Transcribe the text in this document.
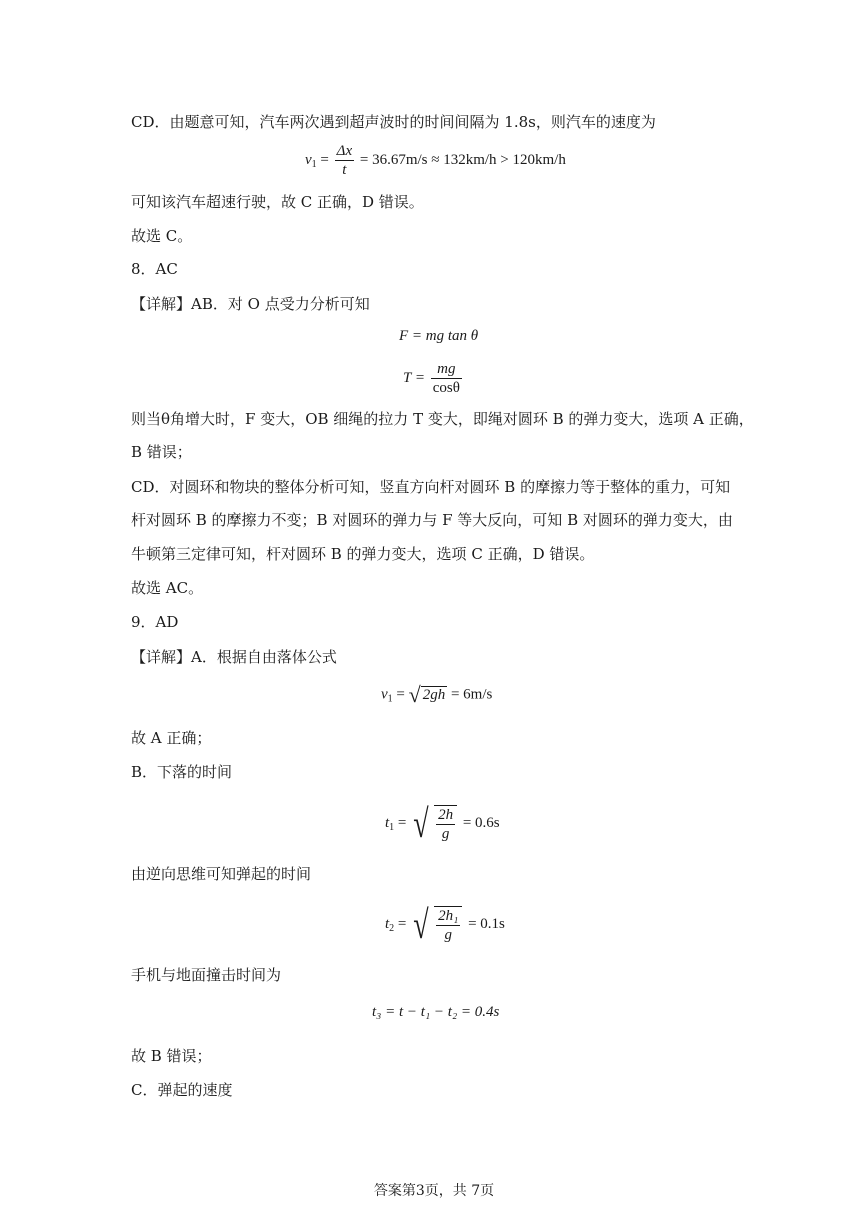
CD．由题意可知，汽车两次遇到超声波时的时间间隔为 1.8s，则汽车的速度为
$v_1 = \frac{\Delta x}{t} = 36.67m/s \approx 132km/h > 120km/h$
可知该汽车超速行驶，故 C 正确，D 错误。
故选 C。
8．AC
【详解】AB．对 O 点受力分析可知
F = mg tan θ
$T = \frac{mg}{\cos\theta}$
则当θ角增大时，F 变大，OB 细绳的拉力 T 变大，即绳对圆环 B 的弹力变大，选项 A 正确，
B 错误；
CD．对圆环和物块的整体分析可知，竖直方向杆对圆环 B 的摩擦力等于整体的重力，可知
杆对圆环 B 的摩擦力不变；B 对圆环的弹力与 F 等大反向，可知 B 对圆环的弹力变大，由
牛顿第三定律可知，杆对圆环 B 的弹力变大，选项 C 正确，D 错误。
故选 AC。
9．AD
【详解】A．根据自由落体公式
$v_1$ = √ 2gh = 6m/s
故 A 正确；
B．下落的时间
$t_1$ = √ $\frac{2h}{g} = 0.6s$
由逆向思维可知弹起的时间
$t_2$ = √ $\frac{\text{2h₁}}{g} = 0.1s$
手机与地面撞击时间为
t₃ = t − t₁ − t₂ = 0.4s
故 B 错误；
C．弹起的速度
答案第3页，共 7页
